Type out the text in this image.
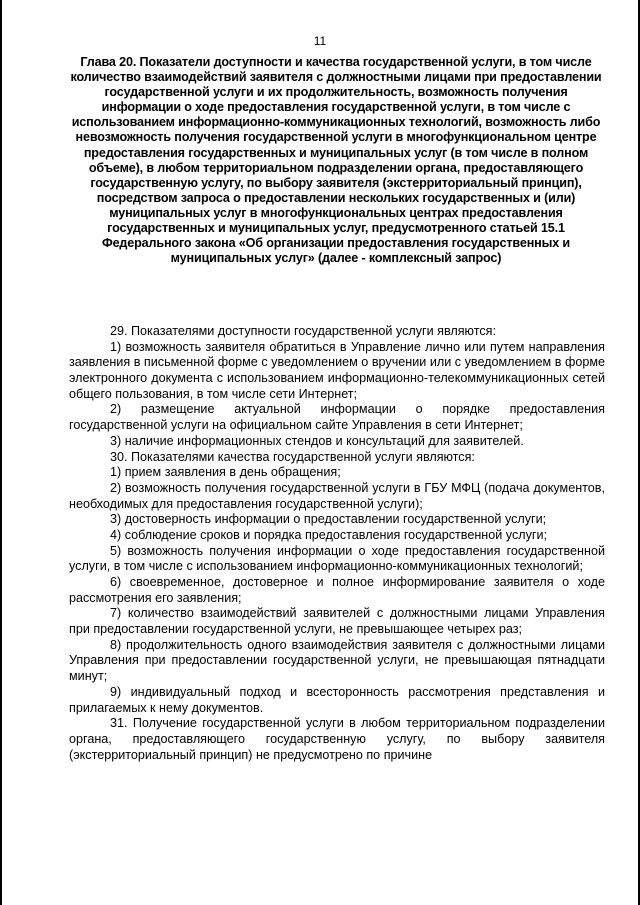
11
Глава 20. Показатели доступности и качества государственной услуги, в том числе количество взаимодействий заявителя с должностными лицами при предоставлении государственной услуги и их продолжительность, возможность получения информации о ходе предоставления государственной услуги, в том числе с использованием информационно-коммуникационных технологий, возможность либо невозможность получения государственной услуги в многофункциональном центре предоставления государственных и муниципальных услуг (в том числе в полном объеме), в любом территориальном подразделении органа, предоставляющего государственную услугу, по выбору заявителя (экстерриториальный принцип), посредством запроса о предоставлении нескольких государственных и (или) муниципальных услуг в многофункциональных центрах предоставления государственных и муниципальных услуг, предусмотренного статьей 15.1 Федерального закона «Об организации предоставления государственных и муниципальных услуг» (далее - комплексный запрос)

29. Показателями доступности государственной услуги являются:

1) возможность заявителя обратиться в Управление лично или путем направления заявления в письменной форме с уведомлением о вручении или с уведомлением в форме электронного документа с использованием информационно-телекоммуникационных сетей общего пользования, в том числе сети Интернет;

2) размещение актуальной информации о порядке предоставления государственной услуги на официальном сайте Управления в сети Интернет;

3) наличие информационных стендов и консультаций для заявителей.

30. Показателями качества государственной услуги являются:

1) прием заявления в день обращения;

2) возможность получения государственной услуги в ГБУ МФЦ (подача документов, необходимых для предоставления государственной услуги);

3) достоверность информации о предоставлении государственной услуги;

4) соблюдение сроков и порядка предоставления государственной услуги;

5) возможность получения информации о ходе предоставления государственной услуги, в том числе с использованием информационно-коммуникационных технологий;

6) своевременное, достоверное и полное информирование заявителя о ходе рассмотрения его заявления;

7) количество взаимодействий заявителей с должностными лицами Управления при предоставлении государственной услуги, не превышающее четырех раз;

8) продолжительность одного взаимодействия заявителя с должностными лицами Управления при предоставлении государственной услуги, не превышающая пятнадцати минут;

9) индивидуальный подход и всесторонность рассмотрения представления и прилагаемых к нему документов.

31. Получение государственной услуги в любом территориальном подразделении органа, предоставляющего государственную услугу, по выбору заявителя (экстерриториальный принцип) не предусмотрено по причине
